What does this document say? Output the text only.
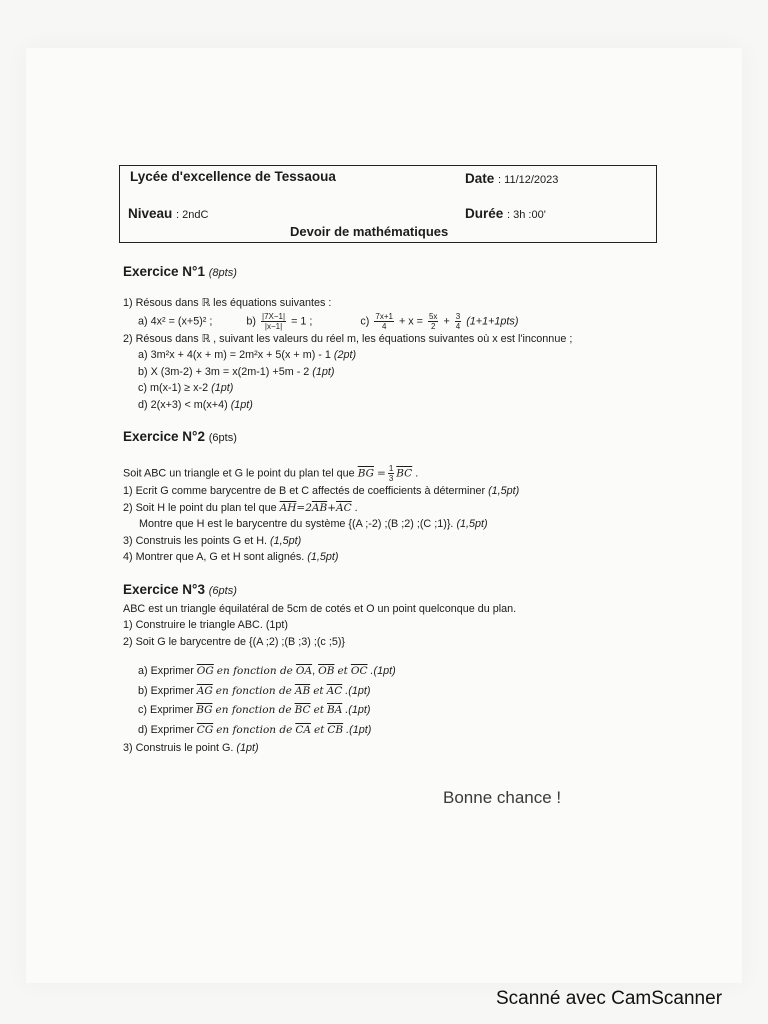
Lycée d'excellence de Tessaoua	Date : 11/12/2023
Niveau : 2ndC	Durée : 3h :00'
Devoir de mathématiques
Exercice N°1 (8pts)
1) Résous dans ℝ les équations suivantes :
a) 4x² = (x+5)² ;	$b) \frac{|7X-1|}{|x-1|} = 1$ ;	$c) \frac{7x+1}{4} + x = \frac{5x}{2} + \frac{3}{4} (1+1+1pts)$
2) Résous dans ℝ , suivant les valeurs du réel m, les équations suivantes où x est l'inconnue ;
a) 3m²x + 4(x + m) = 2m²x + 5(x + m) - 1 (2pt)
b) X (3m-2) + 3m = x(2m-1) +5m - 2 (1pt)
c) m(x-1) ≥ x-2 (1pt)
d) 2(x+3) < m(x+4) (1pt)
Exercice N°2 (6pts)
Soit ABC un triangle et G le point du plan tel que $\overline{BG} = \frac{1}{3} \overline{BC}$ .
1) Ecrit G comme barycentre de B et C affectés de coefficients à déterminer (1,5pt)
2) Soit H le point du plan tel que $\overline{AH}=2\overline{AB}+\overline{AC}$ .
Montre que H est le barycentre du système {(A ;-2) ;(B ;2) ;(C ;1)}. (1,5pt)
3) Construis les points G et H. (1,5pt)
4) Montrer que A, G et H sont alignés. (1,5pt)
Exercice N°3 (6pts)
ABC est un triangle équilatéral de 5cm de cotés et O un point quelconque du plan.
1) Construire le triangle ABC. (1pt)
2) Soit G le barycentre de {(A ;2) ;(B ;3) ;(c ;5)}
a) Exprimer $\overline{OG}$ en fonction de $\overline{OA}$, $\overline{OB}$ et $\overline{OC}$ .(1pt)
b) Exprimer $\overline{AG}$ en fonction de $\overline{AB}$ et $\overline{AC}$ .(1pt)
c) Exprimer $\overline{BG}$ en fonction de $\overline{BC}$ et $\overline{BA}$ .(1pt)
d) Exprimer $\overline{CG}$ en fonction de $\overline{CA}$ et $\overline{CB}$ .(1pt)
3) Construis le point G. (1pt)
Bonne chance !
Scanné avec CamScanner
